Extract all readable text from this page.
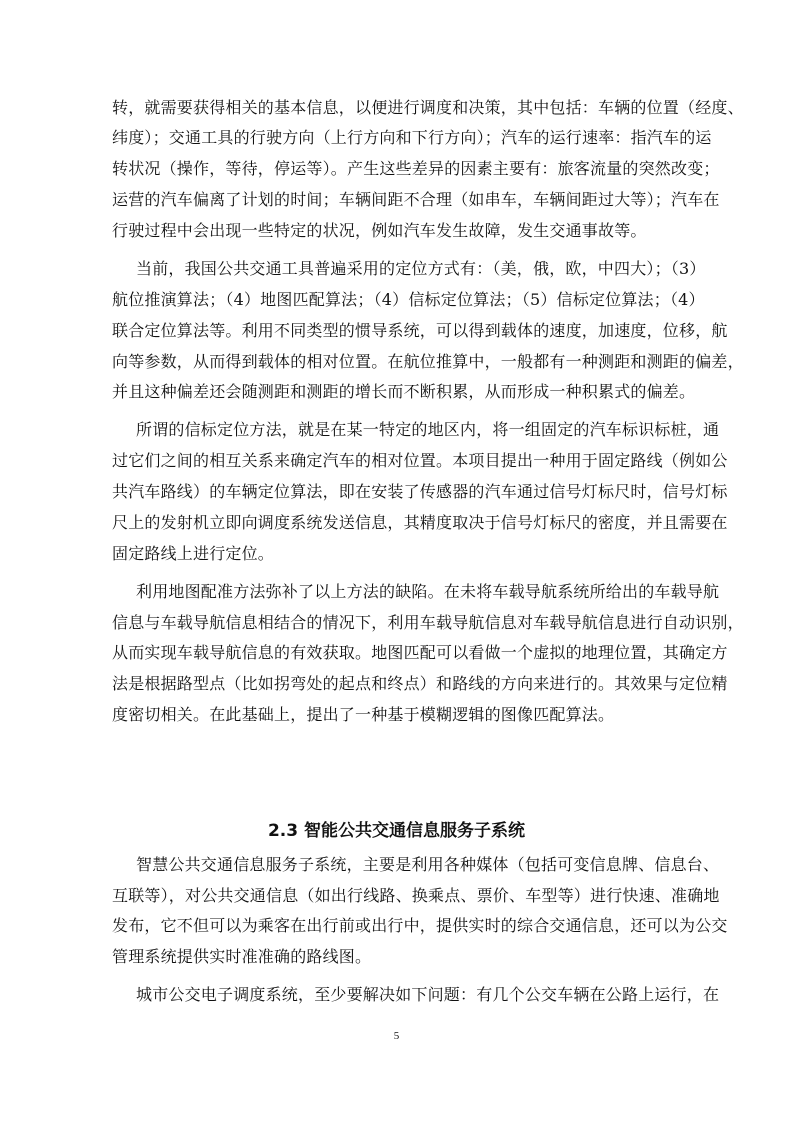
转，就需要获得相关的基本信息，以便进行调度和决策，其中包括：车辆的位置（经度、
纬度）；交通工具的行驶方向（上行方向和下行方向）；汽车的运行速率：指汽车的运
转状况（操作，等待，停运等）。产生这些差异的因素主要有：旅客流量的突然改变；
运营的汽车偏离了计划的时间；车辆间距不合理（如串车，车辆间距过大等）；汽车在
行驶过程中会出现一些特定的状况，例如汽车发生故障，发生交通事故等。
当前，我国公共交通工具普遍采用的定位方式有：（美，俄，欧，中四大）；（3）
航位推演算法；（4）地图匹配算法；（4）信标定位算法；（5）信标定位算法；（4）
联合定位算法等。利用不同类型的惯导系统，可以得到载体的速度，加速度，位移，航
向等参数，从而得到载体的相对位置。在航位推算中，一般都有一种测距和测距的偏差，
并且这种偏差还会随测距和测距的增长而不断积累，从而形成一种积累式的偏差。
所谓的信标定位方法，就是在某一特定的地区内，将一组固定的汽车标识标桩，通
过它们之间的相互关系来确定汽车的相对位置。本项目提出一种用于固定路线（例如公
共汽车路线）的车辆定位算法，即在安装了传感器的汽车通过信号灯标尺时，信号灯标
尺上的发射机立即向调度系统发送信息，其精度取决于信号灯标尺的密度，并且需要在
固定路线上进行定位。
利用地图配准方法弥补了以上方法的缺陷。在未将车载导航系统所给出的车载导航
信息与车载导航信息相结合的情况下，利用车载导航信息对车载导航信息进行自动识别，
从而实现车载导航信息的有效获取。地图匹配可以看做一个虚拟的地理位置，其确定方
法是根据路型点（比如拐弯处的起点和终点）和路线的方向来进行的。其效果与定位精
度密切相关。在此基础上，提出了一种基于模糊逻辑的图像匹配算法。
2.3 智能公共交通信息服务子系统
智慧公共交通信息服务子系统，主要是利用各种媒体（包括可变信息牌、信息台、
互联等），对公共交通信息（如出行线路、换乘点、票价、车型等）进行快速、准确地
发布，它不但可以为乘客在出行前或出行中，提供实时的综合交通信息，还可以为公交
管理系统提供实时准准确的路线图。
城市公交电子调度系统，至少要解决如下问题：有几个公交车辆在公路上运行，在
5
